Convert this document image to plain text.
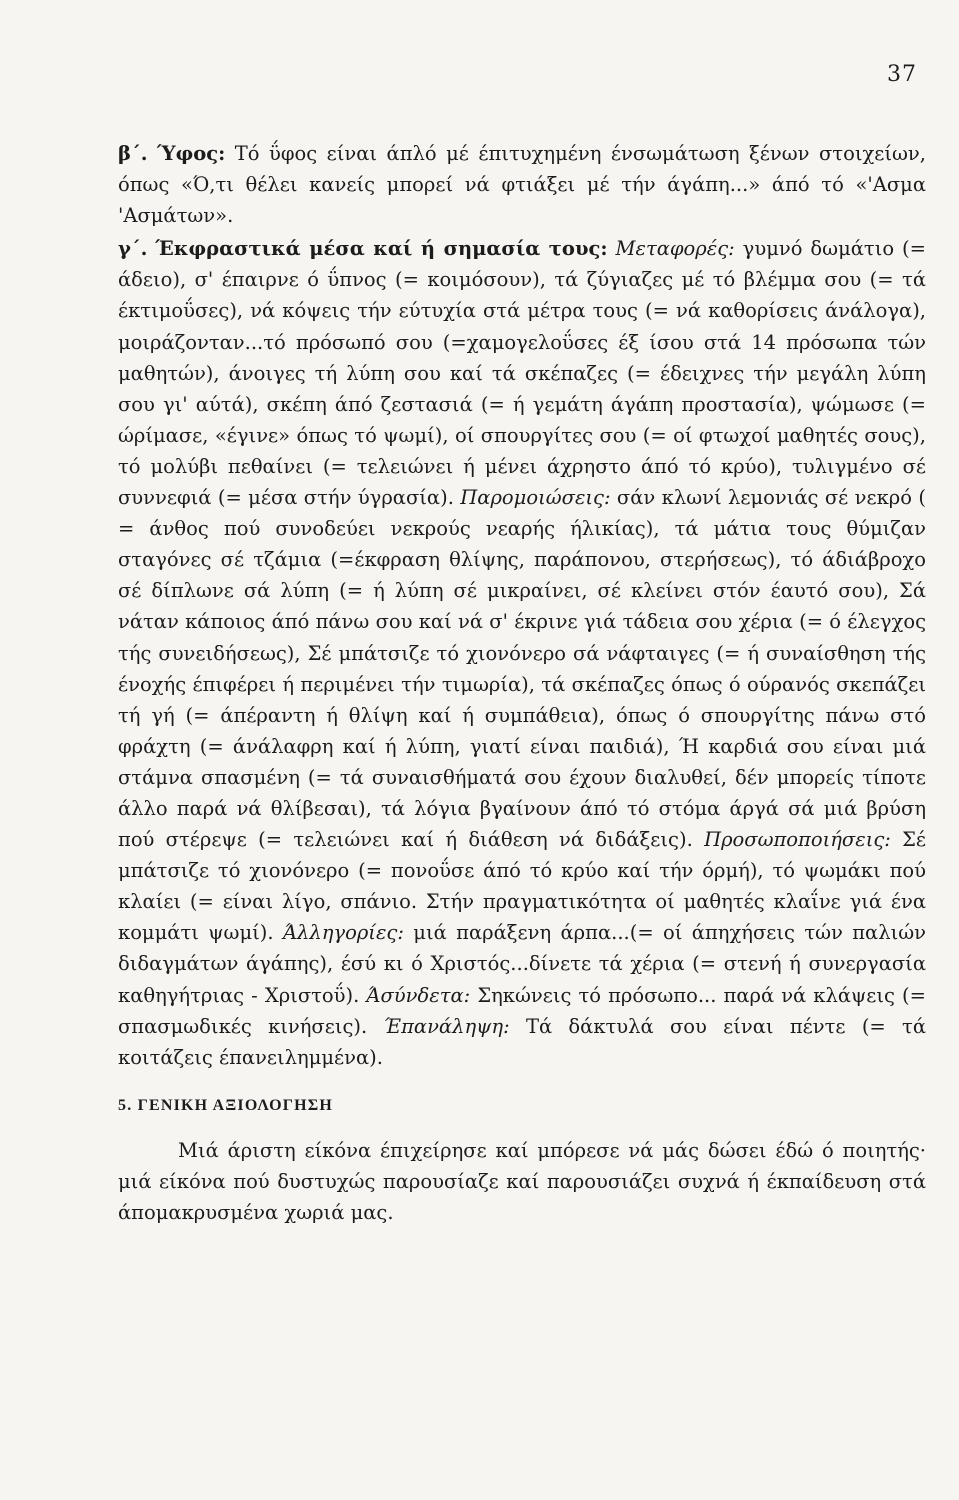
37

β΄. Ύφος: Τό ΰφος είναι άπλό μέ έπιτυχημένη ένσωμάτωση ξένων στοιχείων, όπως «Ό,τι θέλει κανείς μπορεί νά φτιάξει μέ τήν άγάπη...» άπό τό «'Ασμα 'Ασμάτων».

γ΄. Έκφραστικά μέσα καί ή σημασία τους: Μεταφορές: γυμνό δωμάτιο (= άδειο), σ' έπαιρνε ό ΰπνος (= κοιμόσουν), τά ζύγιαζες μέ τό βλέμμα σου (= τά έκτιμοΰσες), νά κόψεις τήν εύτυχία στά μέτρα τους (= νά καθορίσεις άνάλογα), μοιράζονταν...τό πρόσωπό σου (=χαμογελοΰσες έξ ίσου στά 14 πρόσωπα τών μαθητών), άνοιγες τή λύπη σου καί τά σκέπαζες (= έδειχνες τήν μεγάλη λύπη σου γι' αύτά), σκέπη άπό ζεστασιά (= ή γεμάτη άγάπη προστασία), ψώμωσε (= ώρίμασε, «έγινε» όπως τό ψωμί), οί σπουργίτες σου (= οί φτωχοί μαθητές σους), τό μολύβι πεθαίνει (= τελειώνει ή μένει άχρηστο άπό τό κρύο), τυλιγμένο σέ συννεφιά (= μέσα στήν ύγρασία). Παρομοιώσεις: σάν κλωνί λεμονιάς σέ νεκρό ( = άνθος πού συνοδεύει νεκρούς νεαρής ήλικίας), τά μάτια τους θύμιζαν σταγόνες σέ τζάμια (=έκφραση θλίψης, παράπονου, στερήσεως), τό άδιάβροχο σέ δίπλωνε σά λύπη (= ή λύπη σέ μικραίνει, σέ κλείνει στόν έαυτό σου), Σά νάταν κάποιος άπό πάνω σου καί νά σ' έκρινε γιά τάδεια σου χέρια (= ό έλεγχος τής συνειδήσεως), Σέ μπάτσιζε τό χιονόνερο σά νάφταιγες (= ή συναίσθηση τής ένοχής έπιφέρει ή περιμένει τήν τιμωρία), τά σκέπαζες όπως ό ούρανός σκεπάζει τή γή (= άπέραντη ή θλίψη καί ή συμπάθεια), όπως ό σπουργίτης πάνω στό φράχτη (= άνάλαφρη καί ή λύπη, γιατί είναι παιδιά), Ή καρδιά σου είναι μιά στάμνα σπασμένη (= τά συναισθήματά σου έχουν διαλυθεί, δέν μπορείς τίποτε άλλο παρά νά θλίβεσαι), τά λόγια βγαίνουν άπό τό στόμα άργά σά μιά βρύση πού στέρεψε (= τελειώνει καί ή διάθεση νά διδάξεις). Προσωποποιήσεις: Σέ μπάτσιζε τό χιονόνερο (= πονοΰσε άπό τό κρύο καί τήν όρμή), τό ψωμάκι πού κλαίει (= είναι λίγο, σπάνιο. Στήν πραγματικότητα οί μαθητές κλαΐνε γιά ένα κομμάτι ψωμί). Άλληγορίες: μιά παράξενη άρπα...(= οί άπηχήσεις τών παλιών διδαγμάτων άγάπης), έσύ κι ό Χριστός...δίνετε τά χέρια (= στενή ή συνεργασία καθηγήτριας - Χριστοΰ). Άσύνδετα: Σηκώνεις τό πρόσωπο... παρά νά κλάψεις (= σπασμωδικές κινήσεις). Έπανάληψη: Τά δάκτυλά σου είναι πέντε (= τά κοιτάζεις έπανειλημμένα).

5. ΓΕΝΙΚΗ ΑΞΙΟΛΟΓΗΣΗ

Μιά άριστη είκόνα έπιχείρησε καί μπόρεσε νά μάς δώσει έδώ ό ποιητής· μιά είκόνα πού δυστυχώς παρουσίαζε καί παρουσιάζει συχνά ή έκπαίδευση στά άπομακρυσμένα χωριά μας.
